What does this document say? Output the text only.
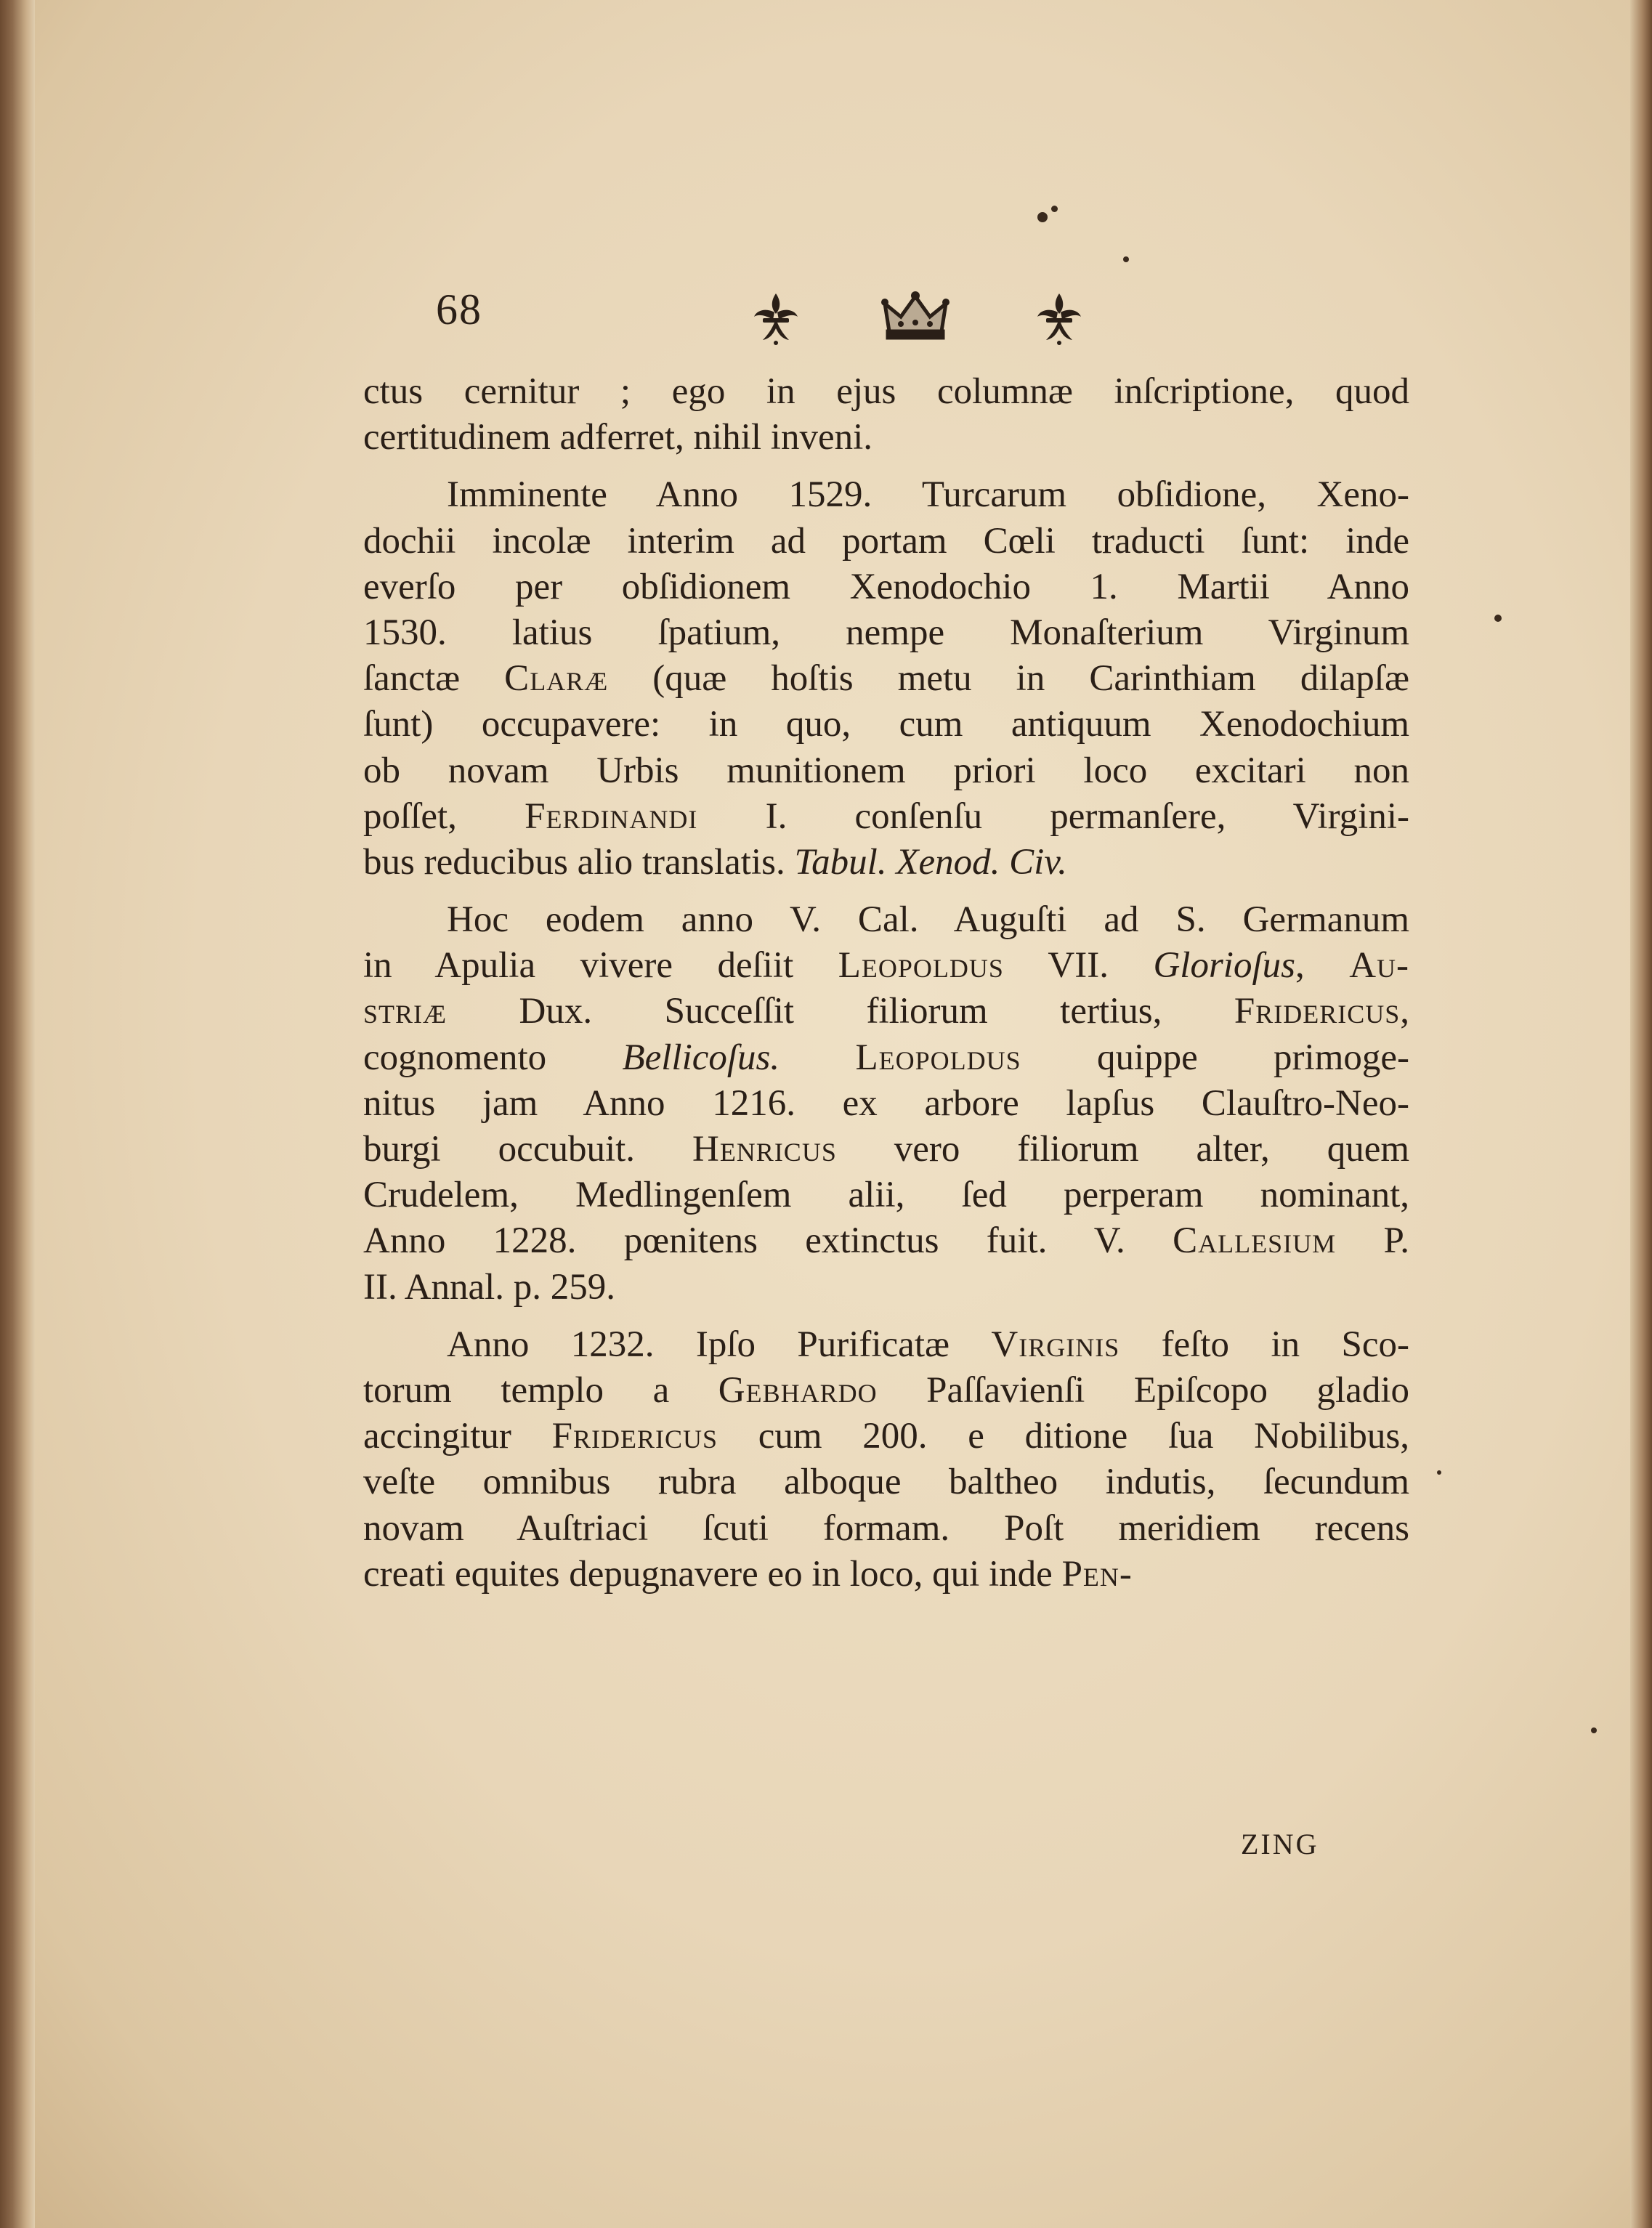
68
ctus cernitur ; ego in ejus columnæ inſcriptione, quod
certitudinem adferret, nihil inveni.
Imminente Anno 1529. Turcarum obſidione, Xeno-
dochii incolæ interim ad portam Cœli traducti ſunt: inde
everſo per obſidionem Xenodochio 1. Martii Anno
1530. latius ſpatium, nempe Monaſterium Virginum
ſanctæ Claræ (quæ hoſtis metu in Carinthiam dilapſæ
ſunt) occupavere: in quo, cum antiquum Xenodochium
ob novam Urbis munitionem priori loco excitari non
poſſet, Ferdinandi I. conſenſu permanſere, Virgini-
bus reducibus alio translatis. Tabul. Xenod. Civ.
Hoc eodem anno V. Cal. Auguſti ad S. Germanum
in Apulia vivere deſiit Leopoldus VII. Glorioſus, Au-
striæ Dux. Succeſſit filiorum tertius, Fridericus,
cognomento Bellicoſus. Leopoldus quippe primoge-
nitus jam Anno 1216. ex arbore lapſus Clauſtro-Neo-
burgi occubuit. Henricus vero filiorum alter, quem
Crudelem, Medlingenſem alii, ſed perperam nominant,
Anno 1228. pœnitens extinctus fuit. V. Callesium P.
II. Annal. p. 259.
Anno 1232. Ipſo Purificatæ Virginis feſto in Sco-
torum templo a Gebhardo Paſſavienſi Epiſcopo gladio
accingitur Fridericus cum 200. e ditione ſua Nobilibus,
veſte omnibus rubra alboque baltheo indutis, ſecundum
novam Auſtriaci ſcuti formam. Poſt meridiem recens
creati equites depugnavere eo in loco, qui inde Pen-
ZING
